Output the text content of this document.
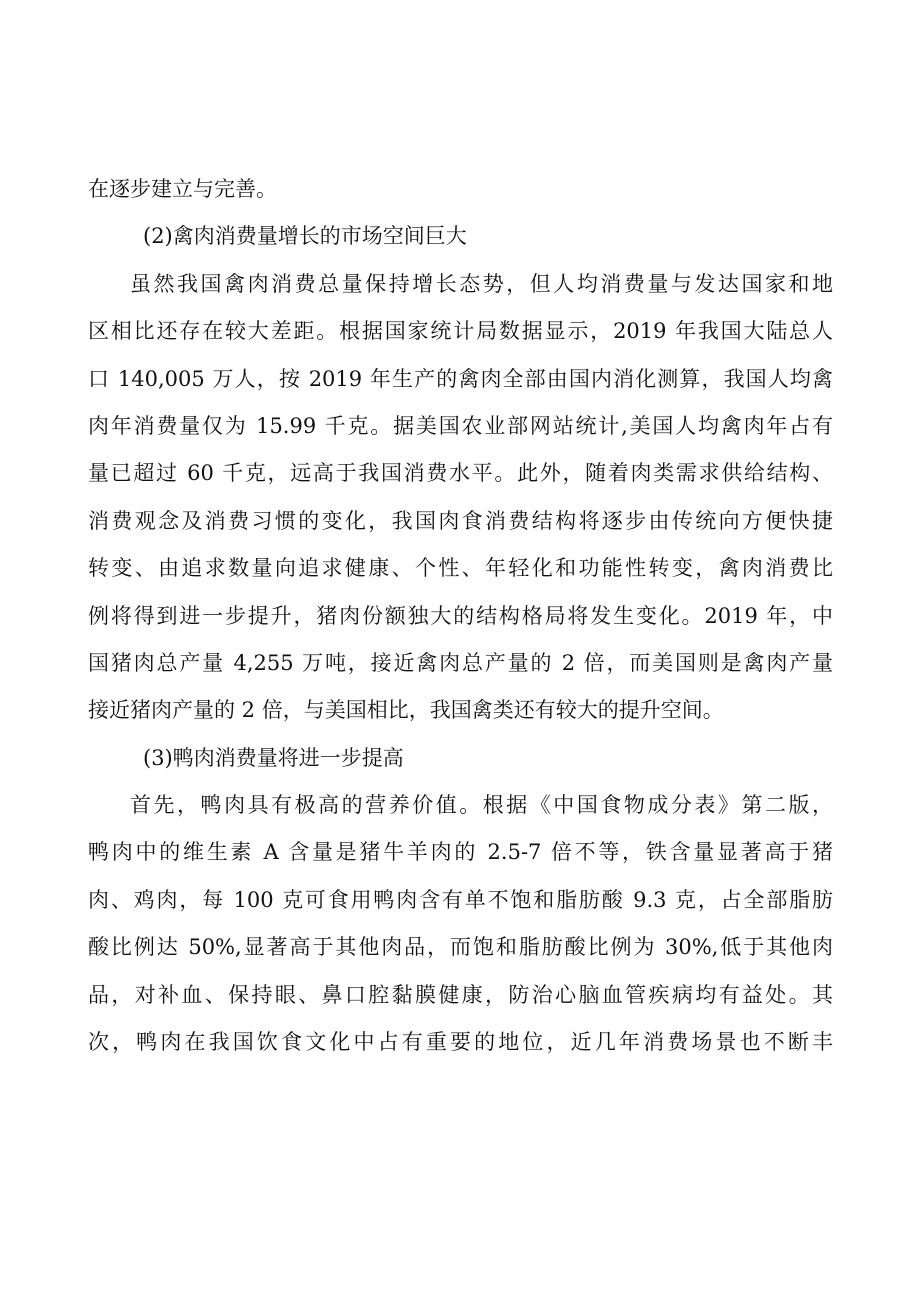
在逐步建立与完善。
(2)禽肉消费量增长的市场空间巨大
虽然我国禽肉消费总量保持增长态势，但人均消费量与发达国家和地
区相比还存在较大差距。根据国家统计局数据显示，2019 年我国大陆总人
口 140,005 万人，按 2019 年生产的禽肉全部由国内消化测算，我国人均禽
肉年消费量仅为 15.99 千克。据美国农业部网站统计,美国人均禽肉年占有
量已超过 60 千克，远高于我国消费水平。此外，随着肉类需求供给结构、
消费观念及消费习惯的变化，我国肉食消费结构将逐步由传统向方便快捷
转变、由追求数量向追求健康、个性、年轻化和功能性转变，禽肉消费比
例将得到进一步提升，猪肉份额独大的结构格局将发生变化。2019 年，中
国猪肉总产量 4,255 万吨，接近禽肉总产量的 2 倍，而美国则是禽肉产量
接近猪肉产量的 2 倍，与美国相比，我国禽类还有较大的提升空间。
(3)鸭肉消费量将进一步提高
首先，鸭肉具有极高的营养价值。根据《中国食物成分表》第二版，
鸭肉中的维生素 A 含量是猪牛羊肉的 2.5-7 倍不等，铁含量显著高于猪
肉、鸡肉，每 100 克可食用鸭肉含有单不饱和脂肪酸 9.3 克，占全部脂肪
酸比例达 50%,显著高于其他肉品，而饱和脂肪酸比例为 30%,低于其他肉
品，对补血、保持眼、鼻口腔黏膜健康，防治心脑血管疾病均有益处。其
次，鸭肉在我国饮食文化中占有重要的地位，近几年消费场景也不断丰
